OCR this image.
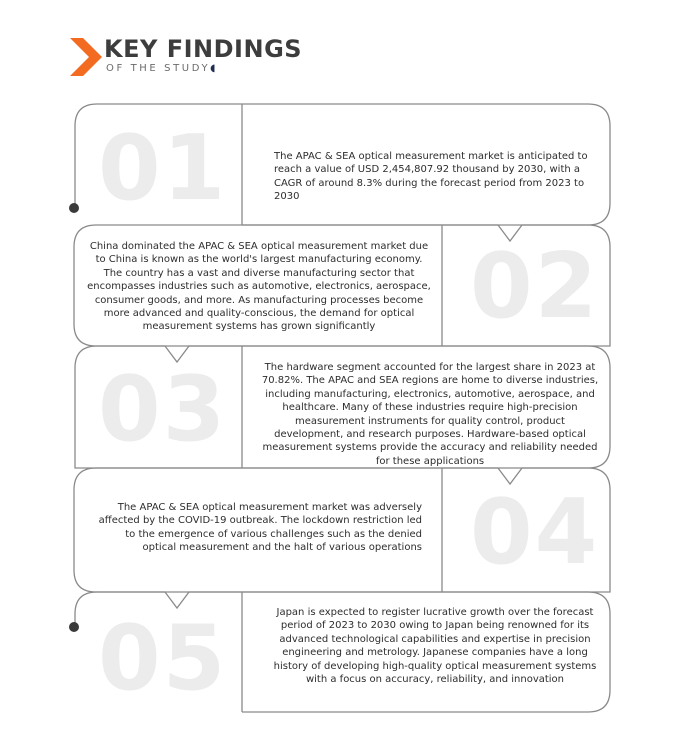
KEY FINDINGS
OF THE STUDY◖
01
02
03
04
05
The APAC & SEA optical measurement market is anticipated to reach a value of USD 2,454,807.92 thousand by 2030, with a CAGR of around 8.3% during the forecast period from 2023 to 2030
China dominated the APAC & SEA optical measurement market due to China is known as the world's largest manufacturing economy. The country has a vast and diverse manufacturing sector that encompasses industries such as automotive, electronics, aerospace, consumer goods, and more. As manufacturing processes become more advanced and quality-conscious, the demand for optical measurement systems has grown significantly
The hardware segment accounted for the largest share in 2023 at 70.82%. The APAC and SEA regions are home to diverse industries, including manufacturing, electronics, automotive, aerospace, and healthcare. Many of these industries require high-precision measurement instruments for quality control, product development, and research purposes. Hardware-based optical measurement systems provide the accuracy and reliability needed for these applications
The APAC & SEA optical measurement market was adversely affected by the COVID-19 outbreak. The lockdown restriction led to the emergence of various challenges such as the denied optical measurement and the halt of various operations
Japan is expected to register lucrative growth over the forecast period of 2023 to 2030 owing to Japan being renowned for its advanced technological capabilities and expertise in precision engineering and metrology. Japanese companies have a long history of developing high-quality optical measurement systems with a focus on accuracy, reliability, and innovation
